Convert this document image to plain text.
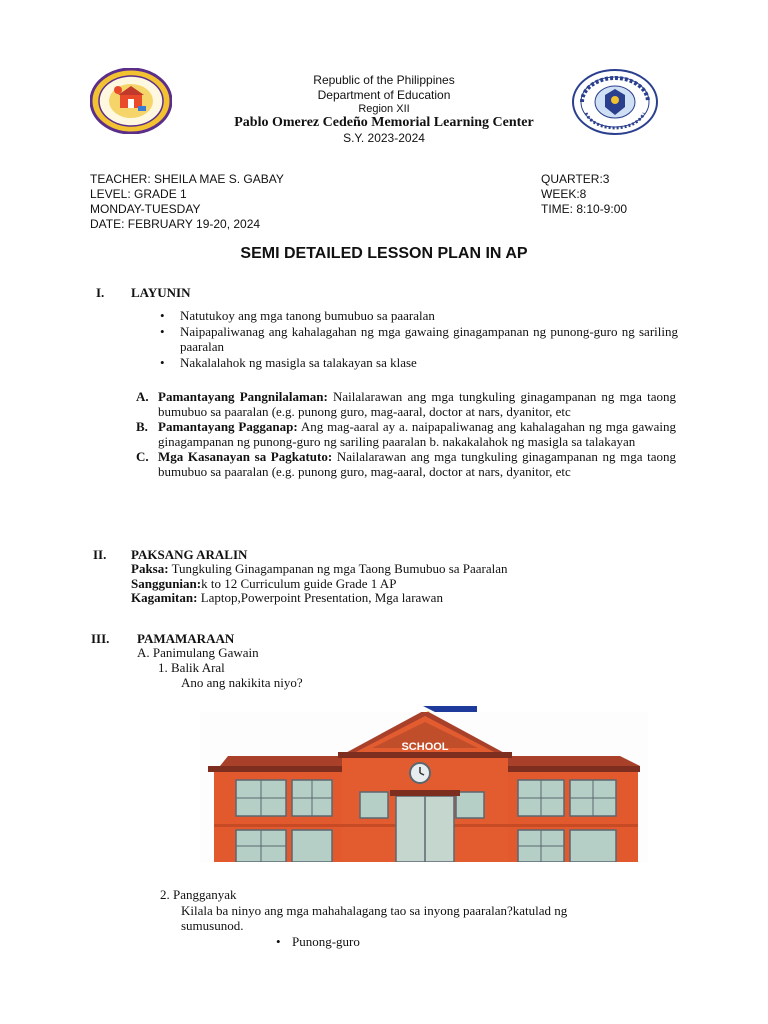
Republic of the Philippines
Department of Education
Region XII
Pablo Omerez Cedeño Memorial Learning Center
S.Y. 2023-2024
TEACHER: SHEILA MAE S. GABAY
LEVEL: GRADE 1
MONDAY-TUESDAY
DATE: FEBRUARY 19-20, 2024
QUARTER:3
WEEK:8
TIME: 8:10-9:00
SEMI DETAILED LESSON PLAN IN AP
I. LAYUNIN
• Natutukoy ang mga tanong bumubuo sa paaralan
• Naipapaliwanag ang kahalagahan ng mga gawaing ginagampanan ng punong-guro ng sariling paaralan
• Nakalalahok ng masigla sa talakayan sa klase
A. Pamantayang Pangnilalaman: Nailalarawan ang mga tungkuling ginagampanan ng mga taong bumubuo sa paaralan (e.g. punong guro, mag-aaral, doctor at nars, dyanitor, etc
B. Pamantayang Pagganap: Ang mag-aaral ay a. naipapaliwanag ang kahalagahan ng mga gawaing ginagampanan ng punong-guro ng sariling paaralan b. nakakalahok ng masigla sa talakayan
C. Mga Kasanayan sa Pagkatuto: Nailalarawan ang mga tungkuling ginagampanan ng mga taong bumubuo sa paaralan (e.g. punong guro, mag-aaral, doctor at nars, dyanitor, etc
II. PAKSANG ARALIN
Paksa: Tungkuling Ginagampanan ng mga Taong Bumubuo sa Paaralan
Sanggunian:k to 12 Curriculum guide Grade 1 AP
Kagamitan: Laptop,Powerpoint Presentation, Mga larawan
III. PAMAMARAAN
A. Panimulang Gawain
1. Balik Aral
Ano ang nakikita niyo?
SCHOOL
2. Pangganyak
Kilala ba ninyo ang mga mahahalagang tao sa inyong paaralan?katulad ng
sumusunod.
• Punong-guro
